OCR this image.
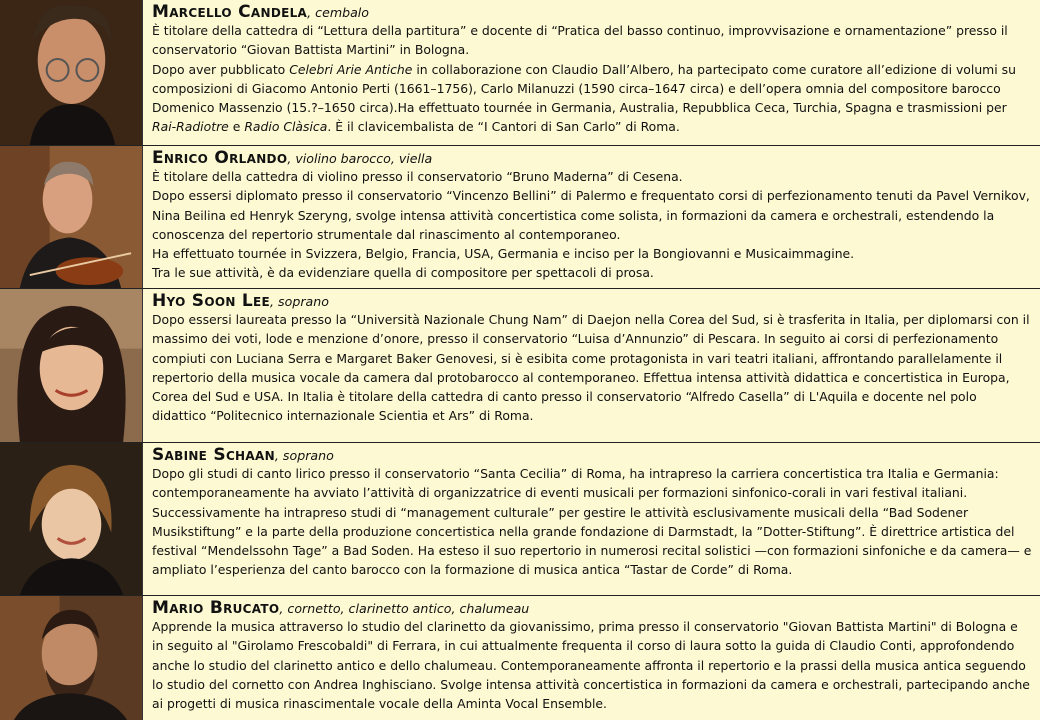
Marcello Candela, cembalo

È titolare della cattedra di “Lettura della partitura” e docente di “Pratica del basso continuo, improvvisazione e ornamentazione” presso il conservatorio “Giovan Battista Martini” in Bologna.

Dopo aver pubblicato Celebri Arie Antiche in collaborazione con Claudio Dall’Albero, ha partecipato come curatore all’edizione di volumi su composizioni di Giacomo Antonio Perti (1661–1756), Carlo Milanuzzi (1590 circa–1647 circa) e dell’opera omnia del compositore barocco Domenico Massenzio (15.?–1650 circa).Ha effettuato tournée in Germania, Australia, Repubblica Ceca, Turchia, Spagna e trasmissioni per Rai-Radiotre e Radio Clàsica. È il clavicembalista de “I Cantori di San Carlo” di Roma.

Enrico Orlando, violino barocco, viella

È titolare della cattedra di violino presso il conservatorio “Bruno Maderna” di Cesena.

Dopo essersi diplomato presso il conservatorio “Vincenzo Bellini” di Palermo e frequentato corsi di perfezionamento tenuti da Pavel Vernikov, Nina Beilina ed Henryk Szeryng, svolge intensa attività concertistica come solista, in formazioni da camera e orchestrali, estendendo la conoscenza del repertorio strumentale dal rinascimento al contemporaneo.

Ha effettuato tournée in Svizzera, Belgio, Francia, USA, Germania e inciso per la Bongiovanni e Musicaimmagine.

Tra le sue attività, è da evidenziare quella di compositore per spettacoli di prosa.

Hyo Soon Lee, soprano

Dopo essersi laureata presso la “Università Nazionale Chung Nam” di Daejon nella Corea del Sud, si è trasferita in Italia, per diplomarsi con il massimo dei voti, lode e menzione d’onore, presso il conservatorio “Luisa d’Annunzio” di Pescara. In seguito ai corsi di perfezionamento compiuti con Luciana Serra e Margaret Baker Genovesi, si è esibita come protagonista in vari teatri italiani, affrontando parallelamente il repertorio della musica vocale da camera dal protobarocco al contemporaneo. Effettua intensa attività didattica e concertistica in Europa, Corea del Sud e USA. In Italia è titolare della cattedra di canto presso il conservatorio “Alfredo Casella” di L'Aquila e docente nel polo didattico “Politecnico internazionale Scientia et Ars” di Roma.

Sabine Schaan, soprano

Dopo gli studi di canto lirico presso il conservatorio “Santa Cecilia” di Roma, ha intrapreso la carriera concertistica tra Italia e Germania: contemporaneamente ha avviato l’attività di organizzatrice di eventi musicali per formazioni sinfonico-corali in vari festival italiani. Successivamente ha intrapreso studi di “management culturale” per gestire le attività esclusivamente musicali della “Bad Sodener Musikstiftung” e la parte della produzione concertistica nella grande fondazione di Darmstadt, la ”Dotter-Stiftung”. È direttrice artistica del festival “Mendelssohn Tage” a Bad Soden. Ha esteso il suo repertorio in numerosi recital solistici —con formazioni sinfoniche e da camera— e ampliato l’esperienza del canto barocco con la formazione di musica antica “Tastar de Corde” di Roma.

Mario Brucato, cornetto, clarinetto antico, chalumeau

Apprende la musica attraverso lo studio del clarinetto da giovanissimo, prima presso il conservatorio "Giovan Battista Martini" di Bologna e in seguito al "Girolamo Frescobaldi" di Ferrara, in cui attualmente frequenta il corso di laura sotto la guida di Claudio Conti, approfondendo anche lo studio del clarinetto antico e dello chalumeau. Contemporaneamente affronta il repertorio e la prassi della musica antica seguendo lo studio del cornetto con Andrea Inghisciano. Svolge intensa attività concertistica in formazioni da camera e orchestrali, partecipando anche ai progetti di musica rinascimentale vocale della Aminta Vocal Ensemble.
